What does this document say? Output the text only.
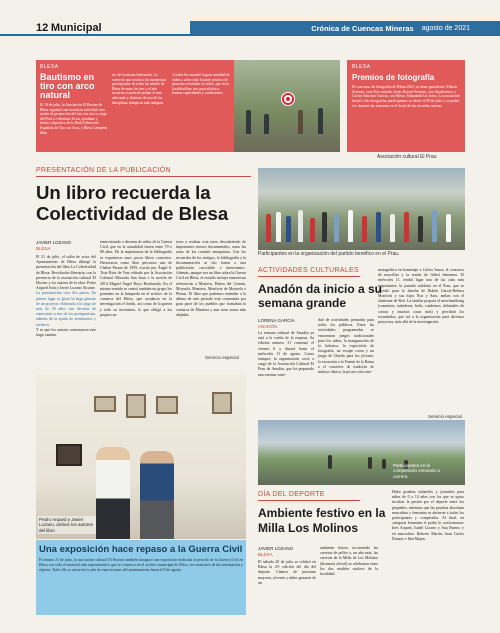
12 Municipal	Crónica de Cuencas Mineras agosto de 2021
BLESA
Bautismo en tiro con arco natural
El 10 de julio, la Asociación El Hocino de Blesa organizó una novedosa actividad: una sesión de promoción del tiro con arco a cargo del Pont La Martinet Tovar, ayudante y técnico deportivo de la Real Federación Española de Tiro con Arco, y Blesa Campeón Mun
no, de la misma federación. La convivió que reunió a los numerosos participantes de todas las edades de Blesa de entre los tres y el año tuvieron ocasión de probar el arco adecuado y disfrutar de una de las disciplinas olímpicas más antiguas.
A todos les encantó la gran cantidad de vídeos, sobre todo la parte práctica de personas retratadas en vídeo, que en la localidad hay tres gran afición y buenas capacidades y condiciones.
BLESA
Premios de fotografía

El concurso de fotografía de Blesa 2021 ya tiene ganadores: Pilarín Serrano, con Otro mirada; Jesús Bayod Serrano, con Atardeceres y Carlos Sánchez García, con Blesa. Sibarando las fotos. La asociación invitó a las fotografías participantes se abrió el 30 de julio y se podrá ver durante las semanas en el local de las escuelas nuevas.

Asociación cultural El Prau
PRESENTACIÓN DE LA PUBLICACIÓN
Un libro recuerda la Colectividad de Blesa
JAVIER LOZANO
BLESA
El 21 de julio, el salón de actos del Ayuntamiento de Blesa albergó la presentación del libro La Colectividad de Blesa: Revolución libertaria, con la presencia de la asociación cultural El Hocino y los autores de la obra: Pedro Arqued Asín y Javier Lozano Alcaine.
La presentación tuvo dos partes. En primer lugar se glosó la larga génesis de un proyecto elaborado a lo largo de más de 20 años con decenas de entrevistas a tres de los protagonistas, además de la ayuda de testimonios y archivos.
Y es que los autores comenzaron este largo camino
entrevistando a decenas de niños de la Guerra Civil, que en la actualidad tienen entre 70 o 80 años. De la importancia de la bibliografía se expusieron unos pocos libros concretos. Destacaron como libro precursor uno de Chelen Peraza de 1959, escrito por Ángel S. Tiste Ruiz de Varo editado por la Asociación Cultural Alborada San Juan o la novela de 2014 Miguel Ángel Royo Bordonada. En el mismo sentido se centró también un grupo los ponentes en la búsqueda en el archivo de la comarca del Blesa, que ayudaron en la investigación el fondo, así como de la guerra y todo su inventario, lo que obligó a los propios au-
tores a realizar esta tarea descubriendo de importantes tesoros documentales, como las actas de los comités anarquistas. Con los recuerdos de los testigos, la bibliografía y la documentación se dio forma a una publicación «accesible e interesante». Además, aunque sea un libro sobre la Guerra Civil en Blesa, el estudio incluye numerosas referencias a Moneva, Huesa del Común, Moyuela, Muniesa, Monforte de Moyuela o Plenas. El libro que podemos entender a la última de este periodo está comentada por gran parte de los pueblos que formaban la comarca de Muniesa y aun otras zonas más alejadas.
Servicio especial
Pedro Arqued y Javier Lozano, ambos los autores del libro
Una exposición hace repaso a la Guerra Civil

El mismo 21 de julio, la asociación cultural El Hocino también inauguró una exposición dedicada al periodo de la Guerra Civil en Blesa con todo el material más representativo que se conserva en el archivo municipal de Blesa, en cuestiones de documentación y objetos. Todo ello se asiste en la sala de exposiciones del ayuntamiento hasta el 8 de agosto.

Participantes en la organización del partido benéfico en el Prau.
ACTIVIDADES CULTURALES
Anadón da inicio a su semana grande
LORENA GARCÍA
ANADÓN
La semana cultural de Anadón ya está a la vuelta de la esquina. Su edición número 31 comenzó el viernes 6 y durará hasta el miércoles 11 de agosto. Como siempre, la organización corre a cargo de la Asociación Cultural El Prau de Anadón, que ha preparado una extensa varie-
dad de actividades pensadas para todos los públicos. Entre las actividades programadas se encuentran juegos tradicionales para los niños, la inauguración de la ludoteca, la exposición de fotografía, un escape room y un juego de Cluedo para los jóvenes, la excursión a la Fuente de la Reina o el concierto de tradición de música clásica, la proyección cine-
matográfica en homenaje a Carlos Saura, el concurso de morcillas y la sesión de fútbol femenina. El miércoles 11, tendrá lugar una de las citas más importantes: la jornada solidaria en el Prau, que se decidió para la familia de Rubén García-Rebeca Monforti y sus hijos Noa y Sara, ambas con el síndrome de Rett. La familia prepará el merchandising (camisetas, sudaderas, bolis, cuadernos, delantales de cocina y muchas cosas más) y percibirá los recaudados, que irá a la organización para diversos proyectos, más allá de la investigación.
Servicio especial
Participantes en la competición entrando a carrera.
DÍA DEL DEPORTE
Ambiente festivo en la Milla Los Molinos
JAVIER LOZANO
BLESA
El sábado 20 de julio se celebró en Blesa la 23ª edición del día del deporte. Cientos de personas mayores, jóvenes y niños gozaron de un
ambiente festivo recorriendo las carreras de pollos y, un año más, las carreras de la Milla de Los Molinos (distancia oficial) se celebraron entre los dos estables núcleos de la localidad.
Hubo pruebas infantiles y juveniles para niños de 0 a 14 años con los que se quiso inculcar la pasión por el deporte entre los pequeños, mientras que las pruebas absolutas masculina y femenina se abrieron a todos los participantes y competidos. Al final, en categoría femenina el podio lo conformaron: Inés Arqued, Isabel Lizarro y Ana Bueno; y en masculino: Roberto Martín, Juan Carlos Dunzey e Iñaí Majan.
